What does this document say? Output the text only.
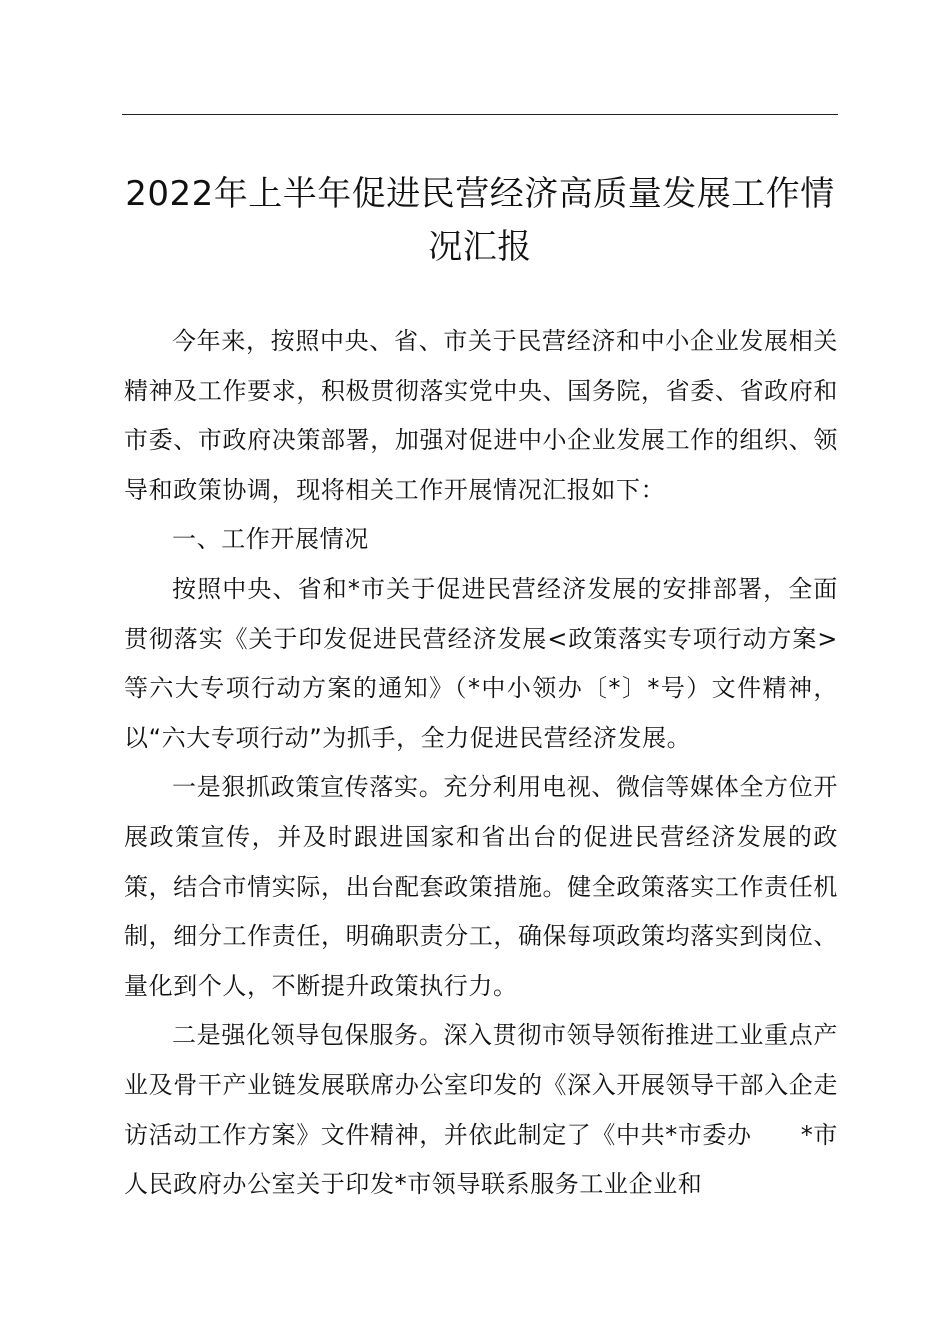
2022年上半年促进民营经济高质量发展工作情况汇报

今年来，按照中央、省、市关于民营经济和中小企业发展相关精神及工作要求，积极贯彻落实党中央、国务院，省委、省政府和市委、市政府决策部署，加强对促进中小企业发展工作的组织、领导和政策协调，现将相关工作开展情况汇报如下：

一、工作开展情况

按照中央、省和*市关于促进民营经济发展的安排部署，全面贯彻落实《关于印发促进民营经济发展<政策落实专项行动方案>等六大专项行动方案的通知》（*中小领办〔*〕*号）文件精神，以“六大专项行动”为抓手，全力促进民营经济发展。

一是狠抓政策宣传落实。充分利用电视、微信等媒体全方位开展政策宣传，并及时跟进国家和省出台的促进民营经济发展的政策，结合市情实际，出台配套政策措施。健全政策落实工作责任机制，细分工作责任，明确职责分工，确保每项政策均落实到岗位、量化到个人，不断提升政策执行力。

二是强化领导包保服务。深入贯彻市领导领衔推进工业重点产业及骨干产业链发展联席办公室印发的《深入开展领导干部入企走访活动工作方案》文件精神，并依此制定了《中共*市委办　　*市人民政府办公室关于印发*市领导联系服务工业企业和
